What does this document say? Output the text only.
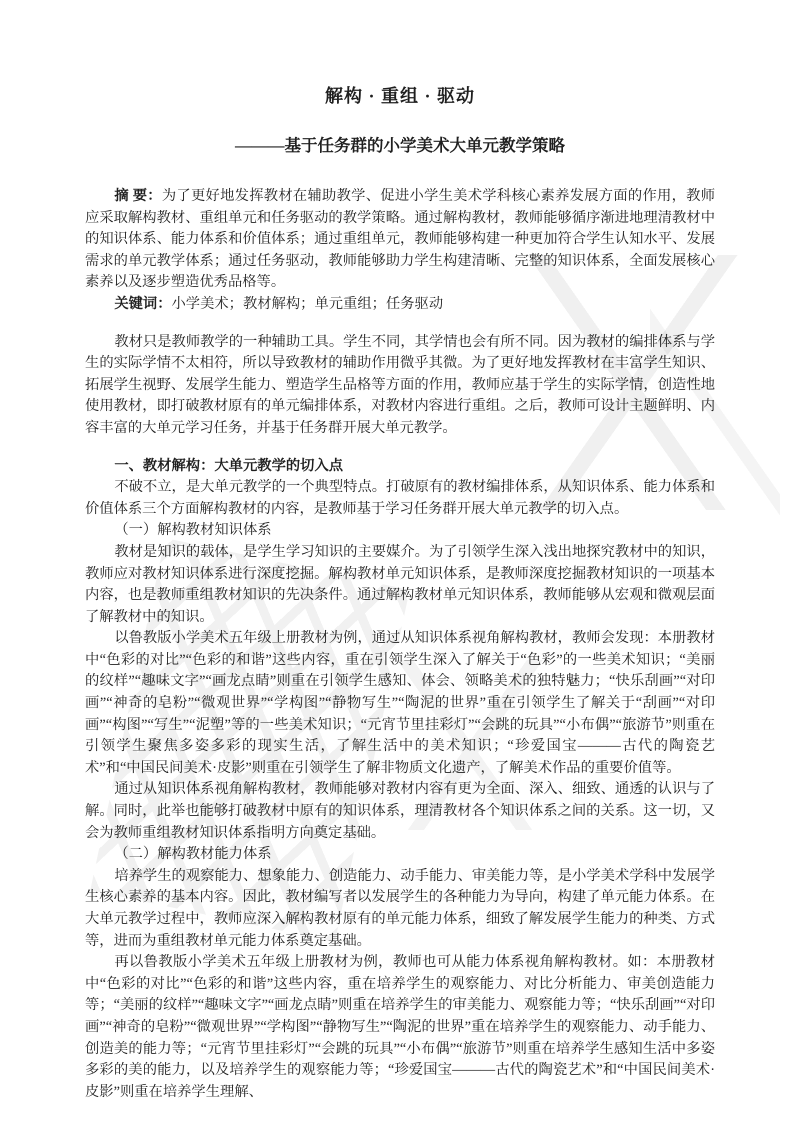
解构 · 重组 · 驱动
———基于任务群的小学美术大单元教学策略

摘 要：为了更好地发挥教材在辅助教学、促进小学生美术学科核心素养发展方面的作用，教师应采取解构教材、重组单元和任务驱动的教学策略。通过解构教材，教师能够循序渐进地理清教材中的知识体系、能力体系和价值体系；通过重组单元，教师能够构建一种更加符合学生认知水平、发展需求的单元教学体系；通过任务驱动，教师能够助力学生构建清晰、完整的知识体系，全面发展核心素养以及逐步塑造优秀品格等。

关键词：小学美术；教材解构；单元重组；任务驱动

教材只是教师教学的一种辅助工具。学生不同，其学情也会有所不同。因为教材的编排体系与学生的实际学情不太相符，所以导致教材的辅助作用微乎其微。为了更好地发挥教材在丰富学生知识、拓展学生视野、发展学生能力、塑造学生品格等方面的作用，教师应基于学生的实际学情，创造性地使用教材，即打破教材原有的单元编排体系，对教材内容进行重组。之后，教师可设计主题鲜明、内容丰富的大单元学习任务，并基于任务群开展大单元教学。

一、教材解构：大单元教学的切入点

不破不立，是大单元教学的一个典型特点。打破原有的教材编排体系，从知识体系、能力体系和价值体系三个方面解构教材的内容，是教师基于学习任务群开展大单元教学的切入点。

（一）解构教材知识体系

教材是知识的载体，是学生学习知识的主要媒介。为了引领学生深入浅出地探究教材中的知识，教师应对教材知识体系进行深度挖掘。解构教材单元知识体系，是教师深度挖掘教材知识的一项基本内容，也是教师重组教材知识的先决条件。通过解构教材单元知识体系，教师能够从宏观和微观层面了解教材中的知识。

以鲁教版小学美术五年级上册教材为例，通过从知识体系视角解构教材，教师会发现：本册教材中“色彩的对比”“色彩的和谐”这些内容，重在引领学生深入了解关于“色彩”的一些美术知识；“美丽的纹样”“趣味文字”“画龙点睛”则重在引领学生感知、体会、领略美术的独特魅力；“快乐刮画”“对印画”“神奇的皂粉”“微观世界”“学构图”“静物写生”“陶泥的世界”重在引领学生了解关于“刮画”“对印画”“构图”“写生”“泥塑”等的一些美术知识；“元宵节里挂彩灯”“会跳的玩具”“小布偶”“旅游节”则重在引领学生聚焦多姿多彩的现实生活，了解生活中的美术知识；“珍爱国宝———古代的陶瓷艺术”和“中国民间美术·皮影”则重在引领学生了解非物质文化遗产，了解美术作品的重要价值等。

通过从知识体系视角解构教材，教师能够对教材内容有更为全面、深入、细致、通透的认识与了解。同时，此举也能够打破教材中原有的知识体系，理清教材各个知识体系之间的关系。这一切，又会为教师重组教材知识体系指明方向奠定基础。

（二）解构教材能力体系

培养学生的观察能力、想象能力、创造能力、动手能力、审美能力等，是小学美术学科中发展学生核心素养的基本内容。因此，教材编写者以发展学生的各种能力为导向，构建了单元能力体系。在大单元教学过程中，教师应深入解构教材原有的单元能力体系，细致了解发展学生能力的种类、方式等，进而为重组教材单元能力体系奠定基础。

再以鲁教版小学美术五年级上册教材为例，教师也可从能力体系视角解构教材。如：本册教材中“色彩的对比”“色彩的和谐”这些内容，重在培养学生的观察能力、对比分析能力、审美创造能力等；“美丽的纹样”“趣味文字”“画龙点睛”则重在培养学生的审美能力、观察能力等；“快乐刮画”“对印画”“神奇的皂粉”“微观世界”“学构图”“静物写生”“陶泥的世界”重在培养学生的观察能力、动手能力、创造美的能力等；“元宵节里挂彩灯”“会跳的玩具”“小布偶”“旅游节”则重在培养学生感知生活中多姿多彩的美的能力，以及培养学生的观察能力等；“珍爱国宝———古代的陶瓷艺术”和“中国民间美术·皮影”则重在培养学生理解、
